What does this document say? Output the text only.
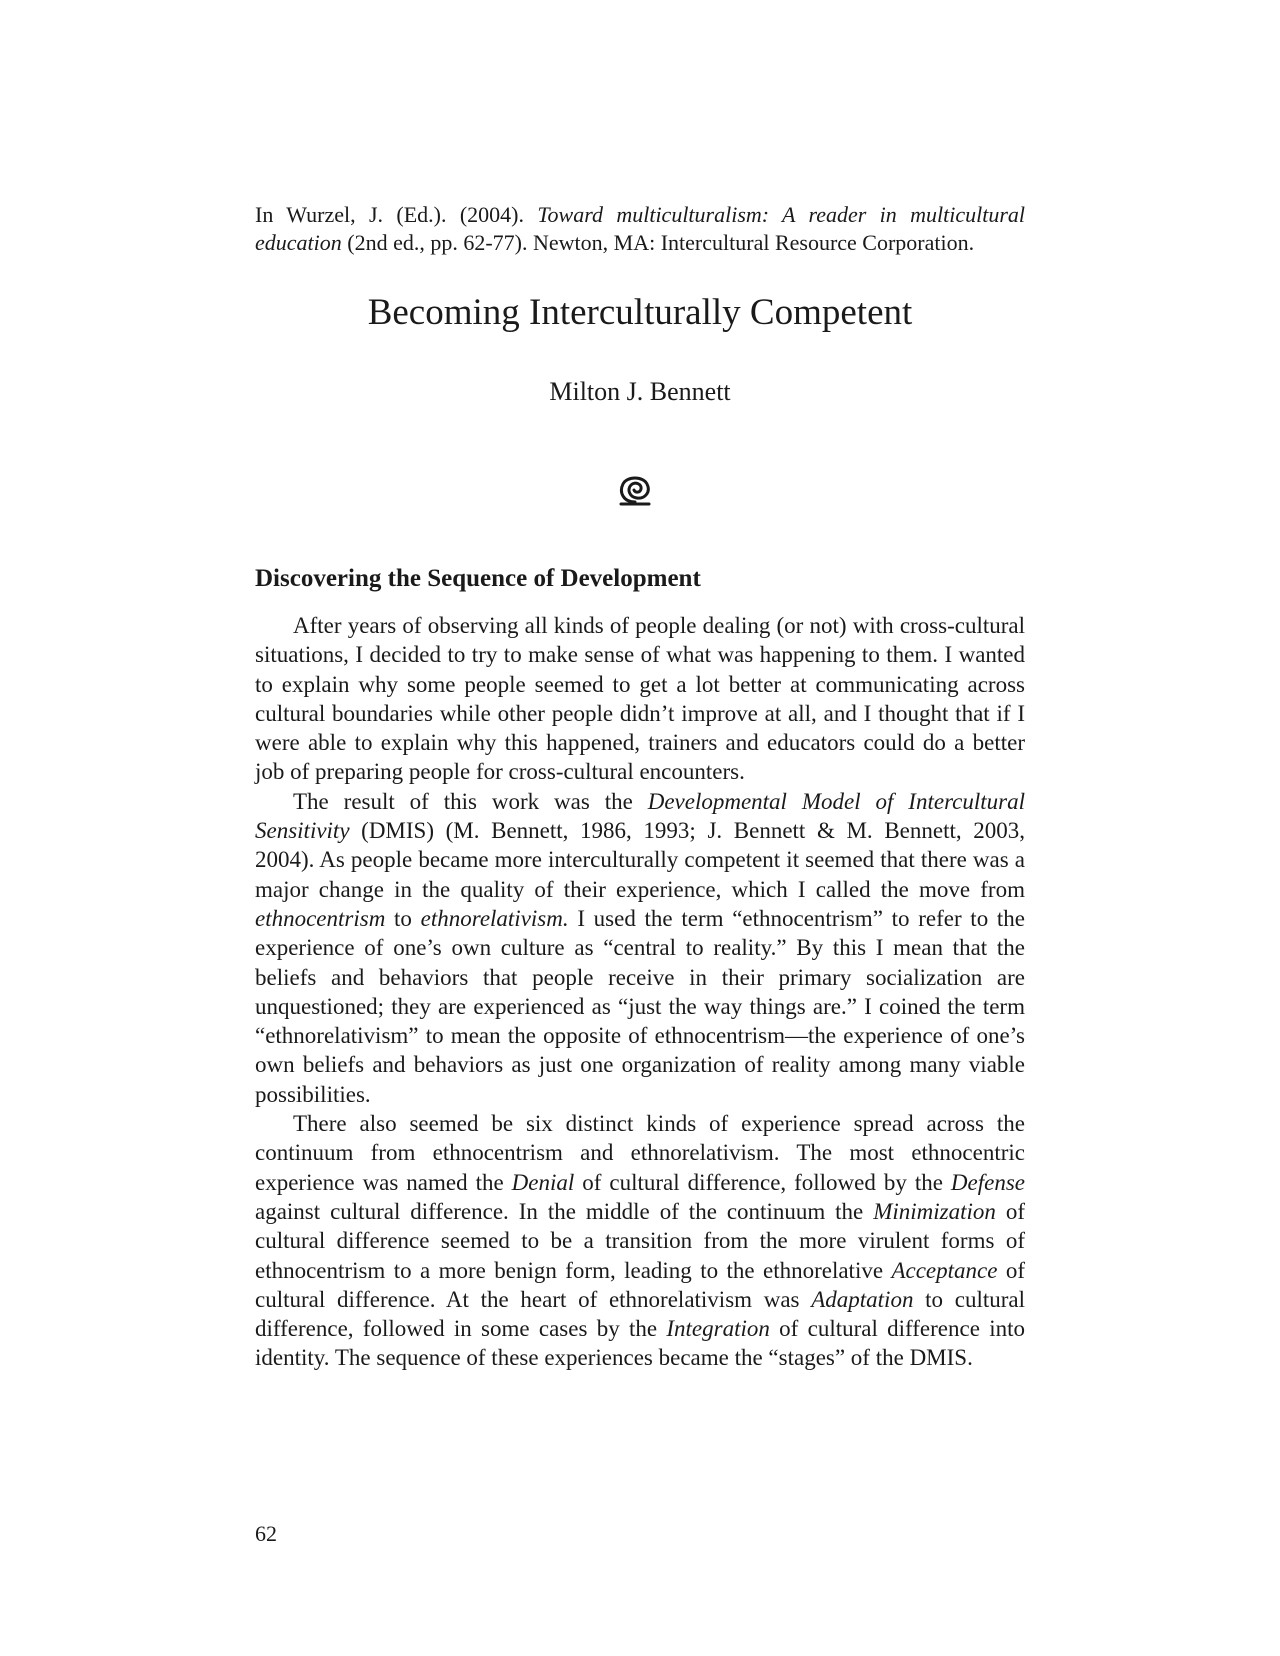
In Wurzel, J. (Ed.). (2004). Toward multiculturalism: A reader in multicultural
education (2nd ed., pp. 62-77). Newton, MA: Intercultural Resource Corporation.
Becoming Interculturally Competent
Milton J. Bennett
Discovering the Sequence of Development

After years of observing all kinds of people dealing (or not) with cross-cultural situations, I decided to try to make sense of what was happening to them. I wanted to explain why some people seemed to get a lot better at communicating across cultural boundaries while other people didn’t improve at all, and I thought that if I were able to explain why this happened, trainers and educators could do a better job of preparing people for cross-cultural encounters.

The result of this work was the Developmental Model of Intercultural Sensitivity (DMIS) (M. Bennett, 1986, 1993; J. Bennett & M. Bennett, 2003, 2004). As people became more interculturally competent it seemed that there was a major change in the quality of their experience, which I called the move from ethnocentrism to ethnorelativism. I used the term “ethnocentrism” to refer to the experience of one’s own culture as “central to reality.” By this I mean that the beliefs and behaviors that people receive in their primary socialization are unquestioned; they are experienced as “just the way things are.” I coined the term “ethnorelativism” to mean the opposite of ethnocentrism—the experience of one’s own beliefs and behaviors as just one organization of reality among many viable possibilities.

There also seemed be six distinct kinds of experience spread across the continuum from ethnocentrism and ethnorelativism. The most ethnocentric experience was named the Denial of cultural difference, followed by the Defense against cultural difference. In the middle of the continuum the Minimization of cultural difference seemed to be a transition from the more virulent forms of ethnocentrism to a more benign form, leading to the ethnorelative Acceptance of cultural difference. At the heart of ethnorelativism was Adaptation to cultural difference, followed in some cases by the Integration of cultural difference into identity. The sequence of these experiences became the “stages” of the DMIS.

62
